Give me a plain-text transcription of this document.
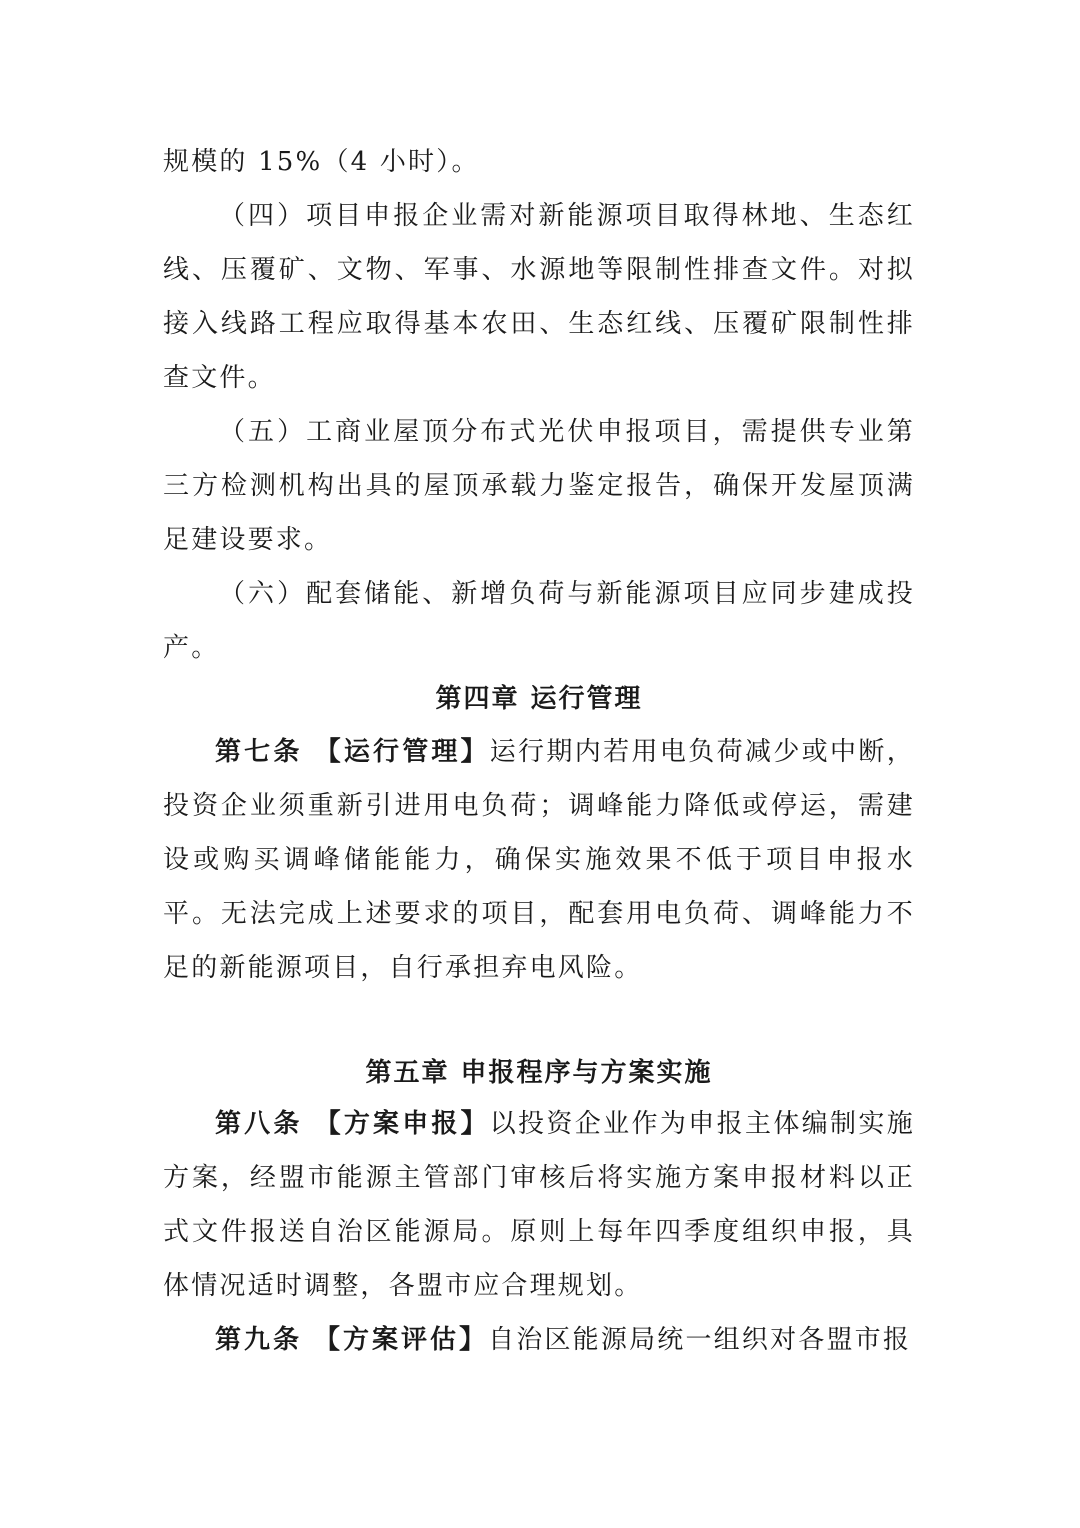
规模的 15%（4 小时）。

（四）项目申报企业需对新能源项目取得林地、生态红线、压覆矿、文物、军事、水源地等限制性排查文件。对拟接入线路工程应取得基本农田、生态红线、压覆矿限制性排查文件。

（五）工商业屋顶分布式光伏申报项目，需提供专业第三方检测机构出具的屋顶承载力鉴定报告，确保开发屋顶满足建设要求。

（六）配套储能、新增负荷与新能源项目应同步建成投产。

第四章 运行管理

第七条 【运行管理】运行期内若用电负荷减少或中断，投资企业须重新引进用电负荷；调峰能力降低或停运，需建设或购买调峰储能能力，确保实施效果不低于项目申报水平。无法完成上述要求的项目，配套用电负荷、调峰能力不足的新能源项目，自行承担弃电风险。

第五章 申报程序与方案实施

第八条 【方案申报】以投资企业作为申报主体编制实施方案，经盟市能源主管部门审核后将实施方案申报材料以正式文件报送自治区能源局。原则上每年四季度组织申报，具体情况适时调整，各盟市应合理规划。

第九条 【方案评估】自治区能源局统一组织对各盟市报
